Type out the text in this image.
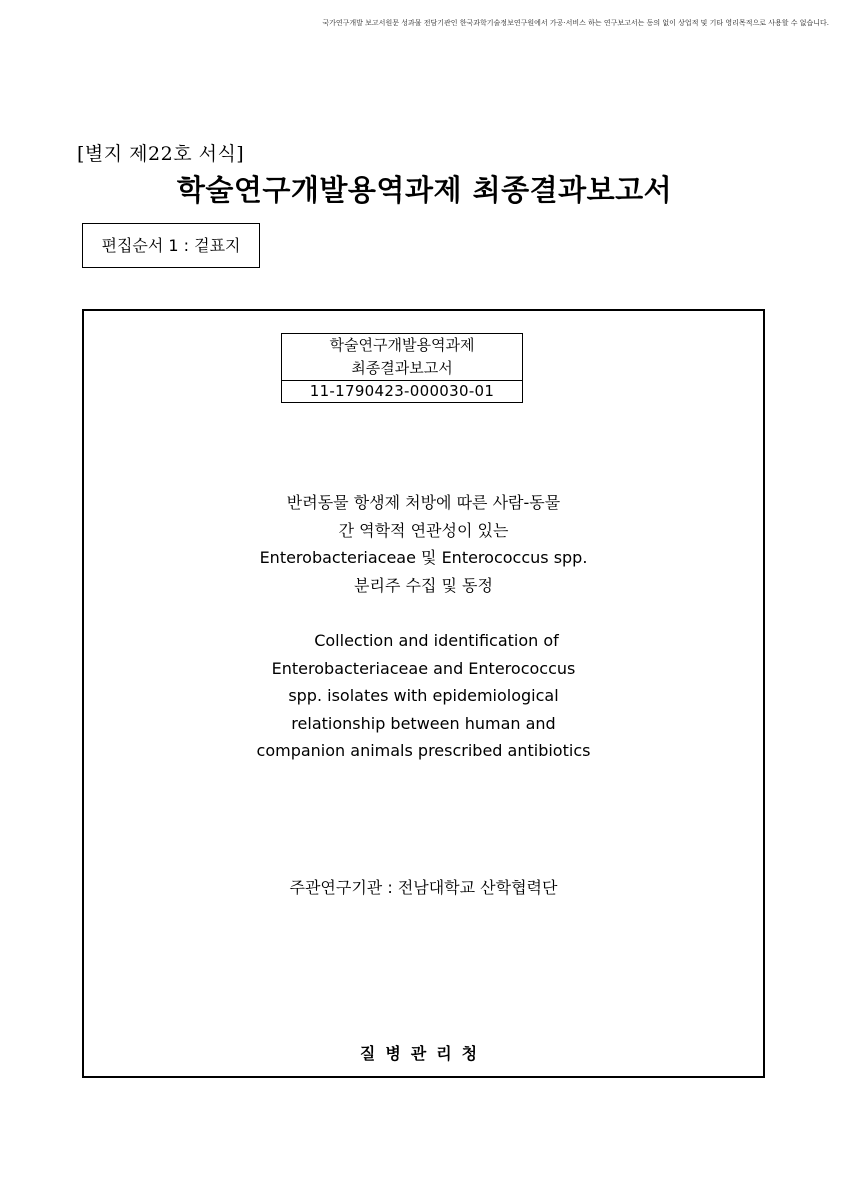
국가연구개발 보고서원문 성과물 전담기관인 한국과학기술정보연구원에서 가공·서비스 하는 연구보고서는 동의 없이 상업적 및 기타 영리목적으로 사용할 수 없습니다.
[별지 제22호 서식]
학술연구개발용역과제 최종결과보고서
편집순서 1 : 겉표지
학술연구개발용역과제
최종결과보고서
11-1790423-000030-01
반려동물 항생제 처방에 따른 사람-동물
간 역학적 연관성이 있는
Enterobacteriaceae 및 Enterococcus spp.
분리주 수집 및 동정
Collection and identification of
Enterobacteriaceae and Enterococcus
spp. isolates with epidemiological
relationship between human and
companion animals prescribed antibiotics
주관연구기관 : 전남대학교 산학협력단
질병관리청
